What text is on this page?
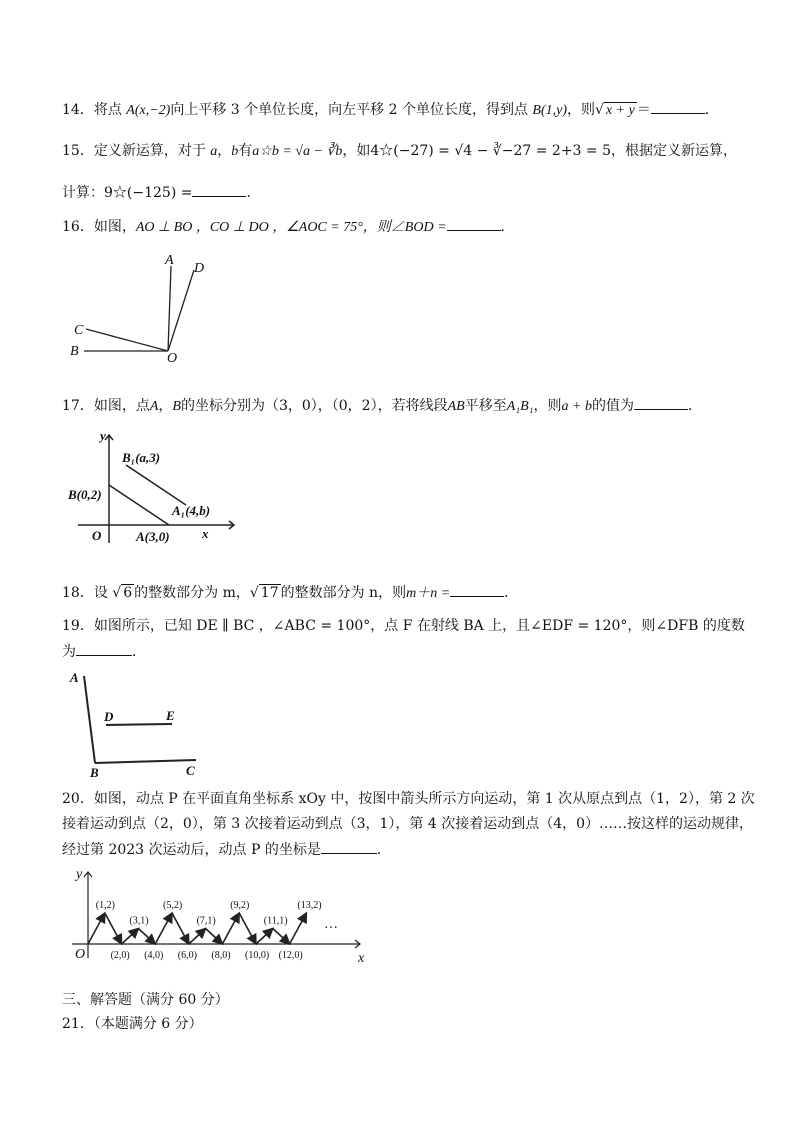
14．将点 A(x,−2)向上平移 3 个单位长度，向左平移 2 个单位长度，得到点 B(1,y)，则√ x + y ＝	．
15．定义新运算，对于 a，b有a☆b = √a − ∛b，如4☆(−27) = √4 − ∛−27 = 2+3 = 5，根据定义新运算，
计算：9☆(−125) =	．
16．如图，AO ⊥ BO ，CO ⊥ DO ，∠AOC = 75°，则∠BOD =	．
A
D
C
B	O
17．如图，点A，B的坐标分别为（3，0），（0，2），若将线段AB平移至A₁B₁，则a + b的值为	．
y
x
O
B₁(a,3)
B(0,2)
A₁(4,b)
A(3,0)
18．设 √ 6 的整数部分为 m，√ 17 的整数部分为 n，则m＋n =	．
19．如图所示，已知 DE ∥ BC ，∠ABC = 100°，点 F 在射线 BA 上，且∠EDF = 120°，则∠DFB 的度数
为	．
A
D	E
B	C
20．如图，动点 P 在平面直角坐标系 xOy 中，按图中箭头所示方向运动，第 1 次从原点到点（1，2），第 2 次
接着运动到点（2，0），第 3 次接着运动到点（3，1），第 4 次接着运动到点（4，0）……按这样的运动规律，
经过第 2023 次运动后，动点 P 的坐标是	．
y
x
O
…
(1,2)
(3,1)
(5,2)
(7,1)
(9,2)
(11,1)
(13,2)
(2,0) (4,0) (6,0) (8,0) (10,0) (12,0)
三、解答题（满分 60 分）
21．（本题满分 6 分）
